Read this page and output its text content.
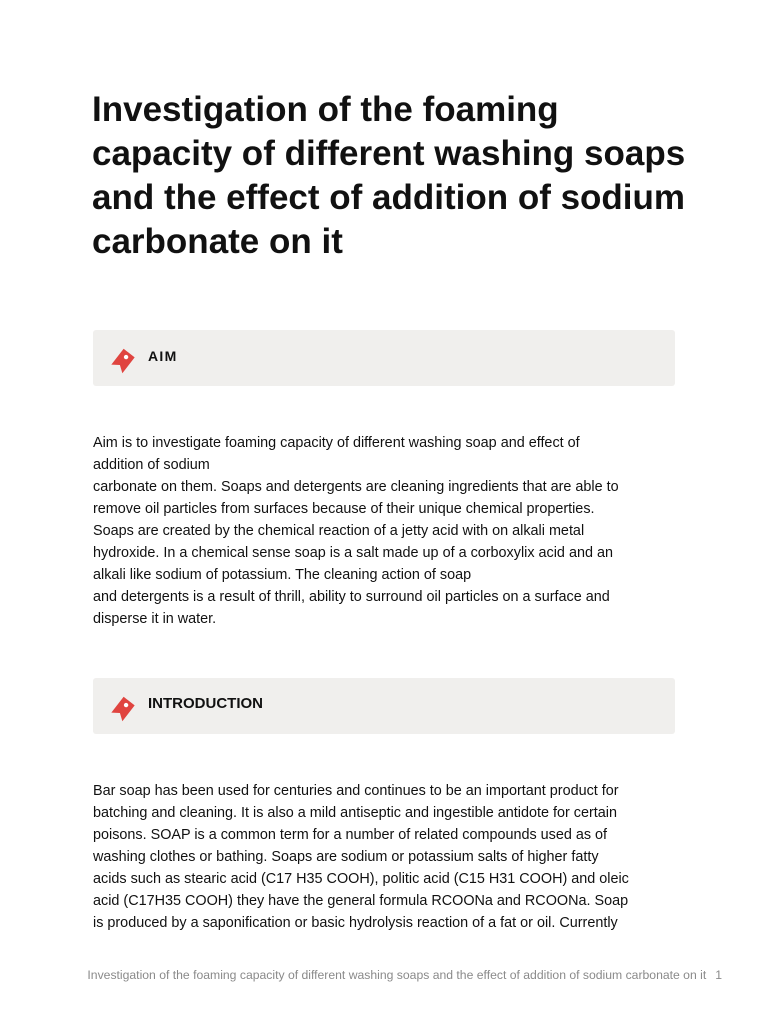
Investigation of the foaming capacity of different washing soaps and the effect of addition of sodium carbonate on it
AIM
Aim is to investigate foaming capacity of different washing soap and effect of
addition of sodium
carbonate on them. Soaps and detergents are cleaning ingredients that are able to
remove oil particles from surfaces because of their unique chemical properties.
Soaps are created by the chemical reaction of a jetty acid with on alkali metal
hydroxide. In a chemical sense soap is a salt made up of a corboxylix acid and an
alkali like sodium of potassium. The cleaning action of soap
and detergents is a result of thrill, ability to surround oil particles on a surface and
disperse it in water.
INTRODUCTION
Bar soap has been used for centuries and continues to be an important product for
batching and cleaning. It is also a mild antiseptic and ingestible antidote for certain
poisons. SOAP is a common term for a number of related compounds used as of
washing clothes or bathing. Soaps are sodium or potassium salts of higher fatty
acids such as stearic acid (C17 H35 COOH), politic acid (C15 H31 COOH) and oleic
acid (C17H35 COOH) they have the general formula RCOONa and RCOONa. Soap
is produced by a saponification or basic hydrolysis reaction of a fat or oil. Currently
Investigation of the foaming capacity of different washing soaps and the effect of addition of sodium carbonate on it 1
